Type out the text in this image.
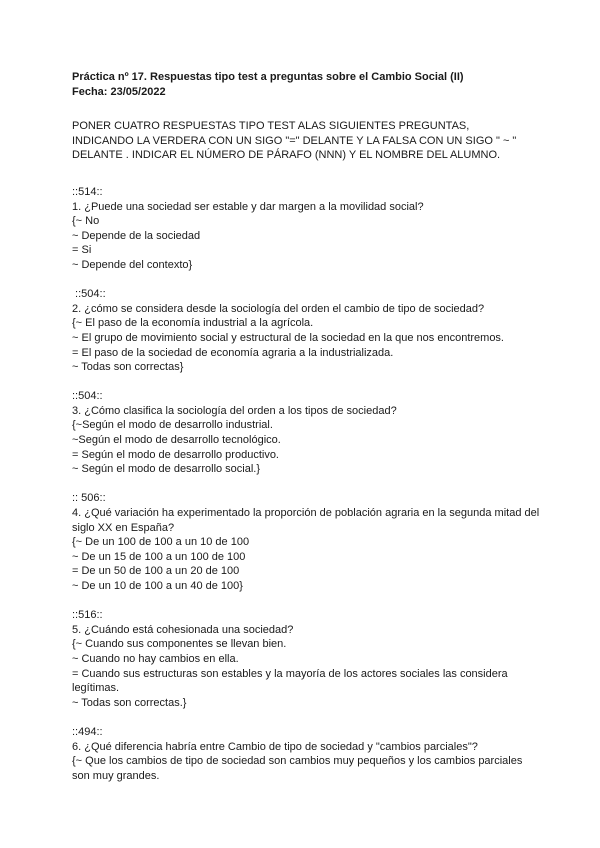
Práctica nº 17. Respuestas tipo test a preguntas sobre el Cambio Social (II)
Fecha: 23/05/2022
PONER CUATRO RESPUESTAS TIPO TEST ALAS SIGUIENTES PREGUNTAS,
INDICANDO LA VERDERA CON UN SIGO "=" DELANTE Y LA FALSA CON UN SIGO " ~ "
DELANTE . INDICAR EL NÚMERO DE PÁRAFO (NNN) Y EL NOMBRE DEL ALUMNO.
::514::
1. ¿Puede una sociedad ser estable y dar margen a la movilidad social?
{~ No
~ Depende de la sociedad
= Si
~ Depende del contexto}
::504::
2. ¿cómo se considera desde la sociología del orden el cambio de tipo de sociedad?
{~ El paso de la economía industrial a la agrícola.
~ El grupo de movimiento social y estructural de la sociedad en la que nos encontremos.
= El paso de la sociedad de economía agraria a la industrializada.
~ Todas son correctas}
::504::
3. ¿Cómo clasifica la sociología del orden a los tipos de sociedad?
{~Según el modo de desarrollo industrial.
~Según el modo de desarrollo tecnológico.
= Según el modo de desarrollo productivo.
~ Según el modo de desarrollo social.}
:: 506::
4. ¿Qué variación ha experimentado la proporción de población agraria en la segunda mitad del siglo XX en España?
{~ De un 100 de 100 a un 10 de 100
~ De un 15 de 100 a un 100 de 100
= De un 50 de 100 a un 20 de 100
~ De un 10 de 100 a un 40 de 100}
::516::
5. ¿Cuándo está cohesionada una sociedad?
{~ Cuando sus componentes se llevan bien.
~ Cuando no hay cambios en ella.
= Cuando sus estructuras son estables y la mayoría de los actores sociales las considera legítimas.
~ Todas son correctas.}
::494::
6. ¿Qué diferencia habría entre Cambio de tipo de sociedad y "cambios parciales"?
{~ Que los cambios de tipo de sociedad son cambios muy pequeños y los cambios parciales son muy grandes.
